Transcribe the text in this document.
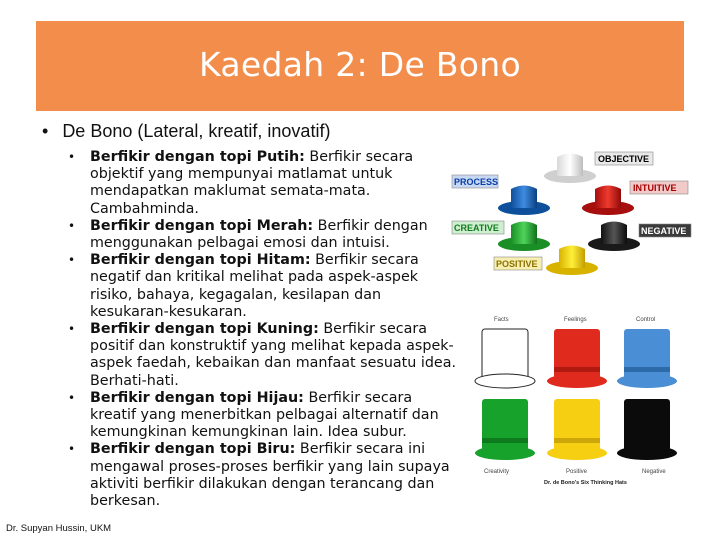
Kaedah 2: De Bono
• De Bono (Lateral, kreatif, inovatif)
•	Berfikir dengan topi Putih: Berfikir secara objektif yang mempunyai matlamat untuk mendapatkan maklumat semata-mata. Cambahminda.
•	Berfikir dengan topi Merah: Berfikir dengan menggunakan pelbagai emosi dan intuisi.
•	Berfikir dengan topi Hitam: Berfikir secara negatif dan kritikal melihat pada aspek-aspek risiko, bahaya, kegagalan, kesilapan dan kesukaran-kesukaran.
•	Berfikir dengan topi Kuning: Berfikir secara positif dan konstruktif yang melihat kepada aspek-aspek faedah, kebaikan dan manfaat sesuatu idea. Berhati-hati.
•	Berfikir dengan topi Hijau: Berfikir secara kreatif yang menerbitkan pelbagai alternatif dan kemungkinan kemungkinan lain. Idea subur.
•	Berfikir dengan topi Biru: Berfikir secara ini mengawal proses-proses berfikir yang lain supaya aktiviti berfikir dilakukan dengan terancang dan berkesan.
OBJECTIVE
PROCESS
INTUITIVE
CREATIVE	NEGATIVE
POSITIVE
Facts	Feelings	Control
Creativity	Positive	Negative
Dr. de Bono's Six Thinking Hats
Dr. Supyan Hussin, UKM
